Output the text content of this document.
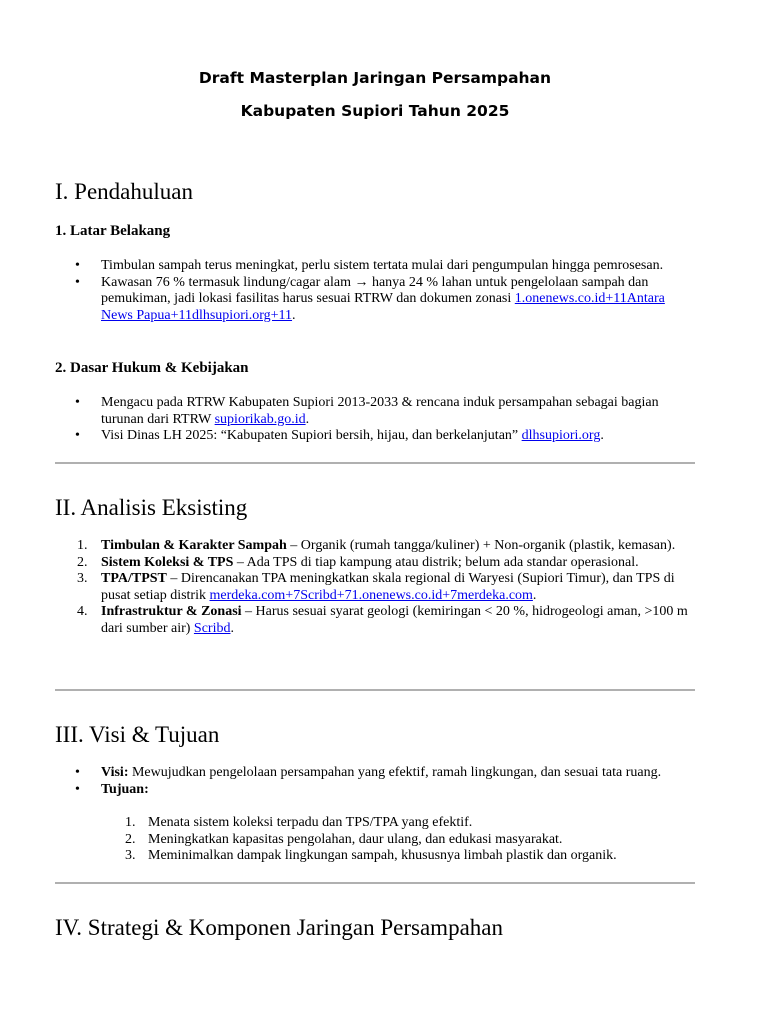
Draft Masterplan Jaringan Persampahan
Kabupaten Supiori Tahun 2025
I. Pendahuluan
1. Latar Belakang
• Timbulan sampah terus meningkat, perlu sistem tertata mulai dari pengumpulan hingga pemrosesan.
• Kawasan 76 % termasuk lindung/cagar alam → hanya 24 % lahan untuk pengelolaan sampah dan pemukiman, jadi lokasi fasilitas harus sesuai RTRW dan dokumen zonasi 1.onenews.co.id+11Antara News Papua+11dlhsupiori.org+11.
2. Dasar Hukum & Kebijakan
• Mengacu pada RTRW Kabupaten Supiori 2013-2033 & rencana induk persampahan sebagai bagian turunan dari RTRW supiorikab.go.id.
• Visi Dinas LH 2025: “Kabupaten Supiori bersih, hijau, dan berkelanjutan” dlhsupiori.org.
II. Analisis Eksisting
1. Timbulan & Karakter Sampah – Organik (rumah tangga/kuliner) + Non-organik (plastik, kemasan).
2. Sistem Koleksi & TPS – Ada TPS di tiap kampung atau distrik; belum ada standar operasional.
3. TPA/TPST – Direncanakan TPA meningkatkan skala regional di Waryesi (Supiori Timur), dan TPS di pusat setiap distrik merdeka.com+7Scribd+71.onenews.co.id+7merdeka.com.
4. Infrastruktur & Zonasi – Harus sesuai syarat geologi (kemiringan < 20 %, hidrogeologi aman, >100 m dari sumber air) Scribd.
III. Visi & Tujuan
• Visi: Mewujudkan pengelolaan persampahan yang efektif, ramah lingkungan, dan sesuai tata ruang.
• Tujuan:
1. Menata sistem koleksi terpadu dan TPS/TPA yang efektif.
2. Meningkatkan kapasitas pengolahan, daur ulang, dan edukasi masyarakat.
3. Meminimalkan dampak lingkungan sampah, khususnya limbah plastik dan organik.
IV. Strategi & Komponen Jaringan Persampahan
